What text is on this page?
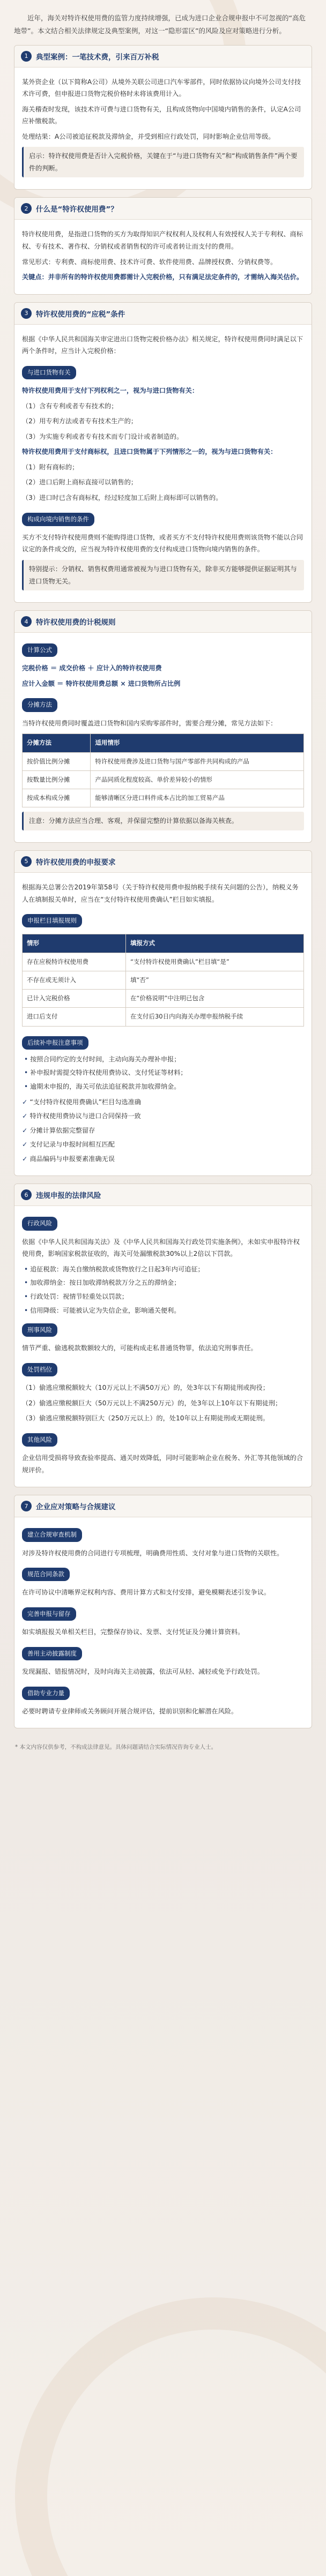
近年，海关对特许权使用费的监管力度持续增强，已成为进口企业合规申报中不可忽视的“高危地带”。本文结合相关法律规定及典型案例，对这一“隐形雷区”的风险及应对策略进行分析。

1	典型案例：一笔技术费，引来百万补税

某外资企业（以下简称A公司）从境外关联公司进口汽车零部件，同时依据协议向境外公司支付技术许可费，但申报进口货物完税价格时未将该费用计入。

海关稽查时发现，该技术许可费与进口货物有关，且构成货物向中国境内销售的条件，认定A公司应补缴税款。

处理结果：A公司被追征税款及滞纳金，并受到相应行政处罚，同时影响企业信用等级。

启示：特许权使用费是否计入完税价格，关键在于“与进口货物有关”和“构成销售条件”两个要件的判断。
2	什么是“特许权使用费”？

特许权使用费，是指进口货物的买方为取得知识产权权利人及权利人有效授权人关于专利权、商标权、专有技术、著作权、分销权或者销售权的许可或者转让而支付的费用。

常见形式：专利费、商标使用费、技术许可费、软件使用费、品牌授权费、分销权费等。

关键点：并非所有的特许权使用费都需计入完税价格，只有满足法定条件的，才需纳入海关估价。

3	特许权使用费的“应税”条件

根据《中华人民共和国海关审定进出口货物完税价格办法》相关规定，特许权使用费同时满足以下两个条件时，应当计入完税价格：

与进口货物有关

特许权使用费用于支付下列权利之一，视为与进口货物有关：

（1）含有专利或者专有技术的；

（2）用专利方法或者专有技术生产的；

（3）为实施专利或者专有技术而专门设计或者制造的。

特许权使用费用于支付商标权，且进口货物属于下列情形之一的，视为与进口货物有关：

（1）附有商标的；

（2）进口后附上商标直接可以销售的；

（3）进口时已含有商标权，经过轻度加工后附上商标即可以销售的。

构成向境内销售的条件

买方不支付特许权使用费则不能购得进口货物，或者买方不支付特许权使用费则该货物不能以合同议定的条件成交的，应当视为特许权使用费的支付构成进口货物向境内销售的条件。

特别提示：分销权、销售权费用通常被视为与进口货物有关，除非买方能够提供证据证明其与进口货物无关。
4	特许权使用费的计税规则
计算公式

完税价格 ＝ 成交价格 ＋ 应计入的特许权使用费

应计入金额 ＝ 特许权使用费总额 × 进口货物所占比例

分摊方法

当特许权使用费同时覆盖进口货物和国内采购零部件时，需要合理分摊，常见方法如下：

分摊方法	适用情形
按价值比例分摊	特许权使用费涉及进口货物与国产零部件共同构成的产品
按数量比例分摊	产品同质化程度较高、单价差异较小的情形
按成本构成分摊	能够清晰区分进口料件成本占比的加工贸易产品
注意：分摊方法应当合理、客观，并保留完整的计算依据以备海关核查。
5	特许权使用费的申报要求

根据海关总署公告2019年第58号（关于特许权使用费申报纳税手续有关问题的公告），纳税义务人在填制报关单时，应当在“支付特许权使用费确认”栏目如实填报。

申报栏目填报规则
情形	填报方式
存在应税特许权使用费	“支付特许权使用费确认”栏目填“是”
不存在或无须计入	填“否”
已计入完税价格	在“价格说明”中注明已包含
进口后支付	在支付后30日内向海关办理申报纳税手续
后续补申报注意事项

• 按照合同约定的支付时间，主动向海关办理补申报；

• 补申报时需提交特许权使用费协议、支付凭证等材料；

• 逾期未申报的，海关可依法追征税款并加收滞纳金。

✓ “支付特许权使用费确认”栏目勾选准确
✓ 特许权使用费协议与进口合同保持一致
✓ 分摊计算依据完整留存
✓ 支付记录与申报时间相互匹配
✓ 商品编码与申报要素准确无误
6	违规申报的法律风险
行政风险

依据《中华人民共和国海关法》及《中华人民共和国海关行政处罚实施条例》，未如实申报特许权使用费，影响国家税款征收的，海关可处漏缴税款30%以上2倍以下罚款。

• 追征税款：海关自缴纳税款或货物放行之日起3年内可追征；

• 加收滞纳金：按日加收滞纳税款万分之五的滞纳金；

• 行政处罚：视情节轻重处以罚款；

• 信用降级：可能被认定为失信企业，影响通关便利。

刑事风险

情节严重、偷逃税款数额较大的，可能构成走私普通货物罪，依法追究刑事责任。

处罚档位

（1）偷逃应缴税额较大（10万元以上不满50万元）的，处3年以下有期徒刑或拘役；

（2）偷逃应缴税额巨大（50万元以上不满250万元）的，处3年以上10年以下有期徒刑；

（3）偷逃应缴税额特别巨大（250万元以上）的，处10年以上有期徒刑或无期徒刑。

其他风险

企业信用受损将导致查验率提高、通关时效降低，同时可能影响企业在税务、外汇等其他领域的合规评价。

7	企业应对策略与合规建议
建立合规审查机制

对涉及特许权使用费的合同进行专项梳理，明确费用性质、支付对象与进口货物的关联性。

规范合同条款

在许可协议中清晰界定权利内容、费用计算方式和支付安排，避免模糊表述引发争议。

完善申报与留存

如实填报报关单相关栏目，完整保存协议、发票、支付凭证及分摊计算资料。

善用主动披露制度

发现漏报、错报情况时，及时向海关主动披露，依法可从轻、减轻或免予行政处罚。

借助专业力量

必要时聘请专业律师或关务顾问开展合规评估，提前识别和化解潜在风险。

* 本文内容仅供参考，不构成法律意见。具体问题请结合实际情况咨询专业人士。
